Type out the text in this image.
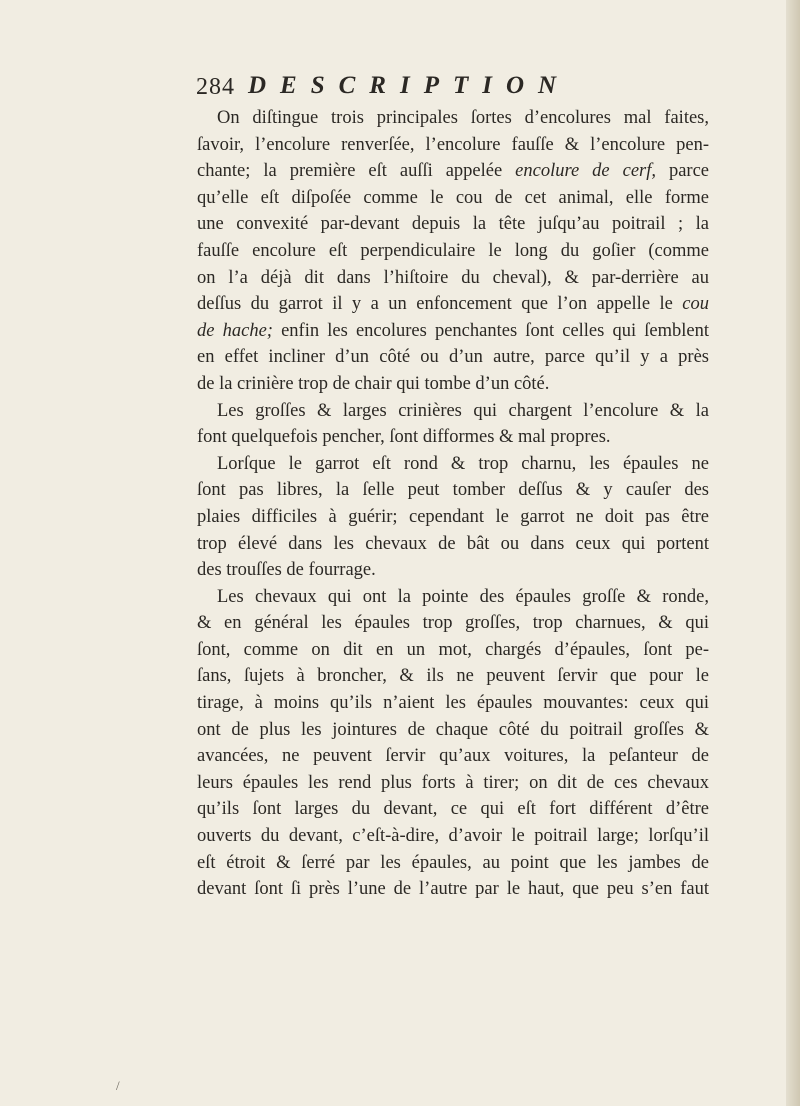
284 DESCRIPTION
On diſtingue trois principales ſortes d’encolures mal faites,
ſavoir, l’encolure renverſée, l’encolure fauſſe & l’encolure pen-
chante; la première eſt auſſi appelée encolure de cerf, parce
qu’elle eſt diſpoſée comme le cou de cet animal, elle forme
une convexité par-devant depuis la tête juſqu’au poitrail ; la
fauſſe encolure eſt perpendiculaire le long du goſier (comme
on l’a déjà dit dans l’hiſtoire du cheval), & par-derrière au
deſſus du garrot il y a un enfoncement que l’on appelle le cou
de hache; enfin les encolures penchantes ſont celles qui ſemblent
en effet incliner d’un côté ou d’un autre, parce qu’il y a près
de la crinière trop de chair qui tombe d’un côté.
Les groſſes & larges crinières qui chargent l’encolure & la
font quelquefois pencher, ſont difformes & mal propres.
Lorſque le garrot eſt rond & trop charnu, les épaules ne
ſont pas libres, la ſelle peut tomber deſſus & y cauſer des
plaies difficiles à guérir; cependant le garrot ne doit pas être
trop élevé dans les chevaux de bât ou dans ceux qui portent
des trouſſes de fourrage.
Les chevaux qui ont la pointe des épaules groſſe & ronde,
& en général les épaules trop groſſes, trop charnues, & qui
ſont, comme on dit en un mot, chargés d’épaules, ſont pe-
ſans, ſujets à broncher, & ils ne peuvent ſervir que pour le
tirage, à moins qu’ils n’aient les épaules mouvantes: ceux qui
ont de plus les jointures de chaque côté du poitrail groſſes &
avancées, ne peuvent ſervir qu’aux voitures, la peſanteur de
leurs épaules les rend plus forts à tirer; on dit de ces chevaux
qu’ils ſont larges du devant, ce qui eſt fort différent d’être
ouverts du devant, c’eſt-à-dire, d’avoir le poitrail large; lorſqu’il
eſt étroit & ſerré par les épaules, au point que les jambes de
devant ſont ſi près l’une de l’autre par le haut, que peu s’en faut
/
